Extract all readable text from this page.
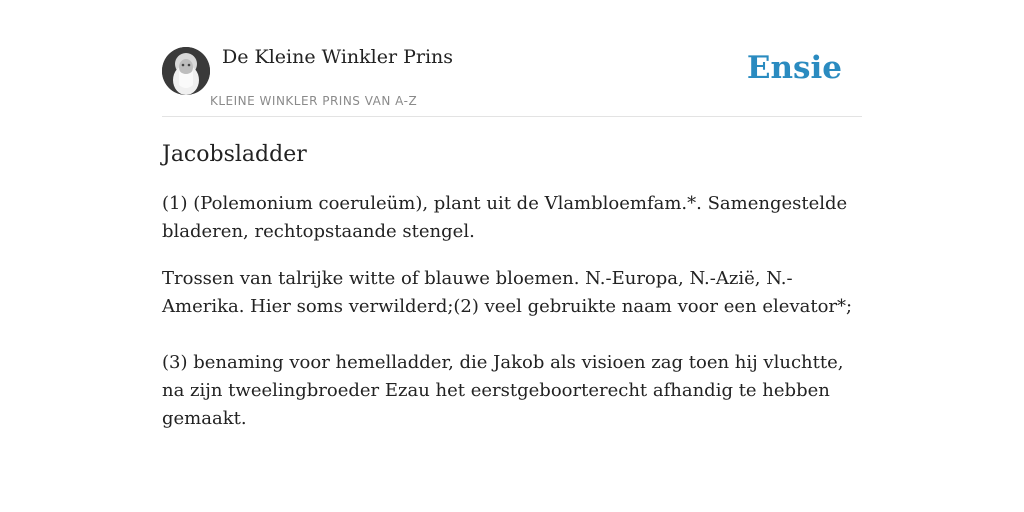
De Kleine Winkler Prins
KLEINE WINKLER PRINS VAN A-Z
Ensie
Jacobsladder

(1) (Polemonium coeruleüm), plant uit de Vlambloemfam.*. Samengestelde bladeren, rechtopstaande stengel.

Trossen van talrijke witte of blauwe bloemen. N.-Europa, N.-Azië, N.-Amerika. Hier soms verwilderd;(2) veel gebruikte naam voor een elevator*;

(3) benaming voor hemelladder, die Jakob als visioen zag toen hij vluchtte, na zijn tweelingbroeder Ezau het eerstgeboorterecht afhandig te hebben gemaakt.
